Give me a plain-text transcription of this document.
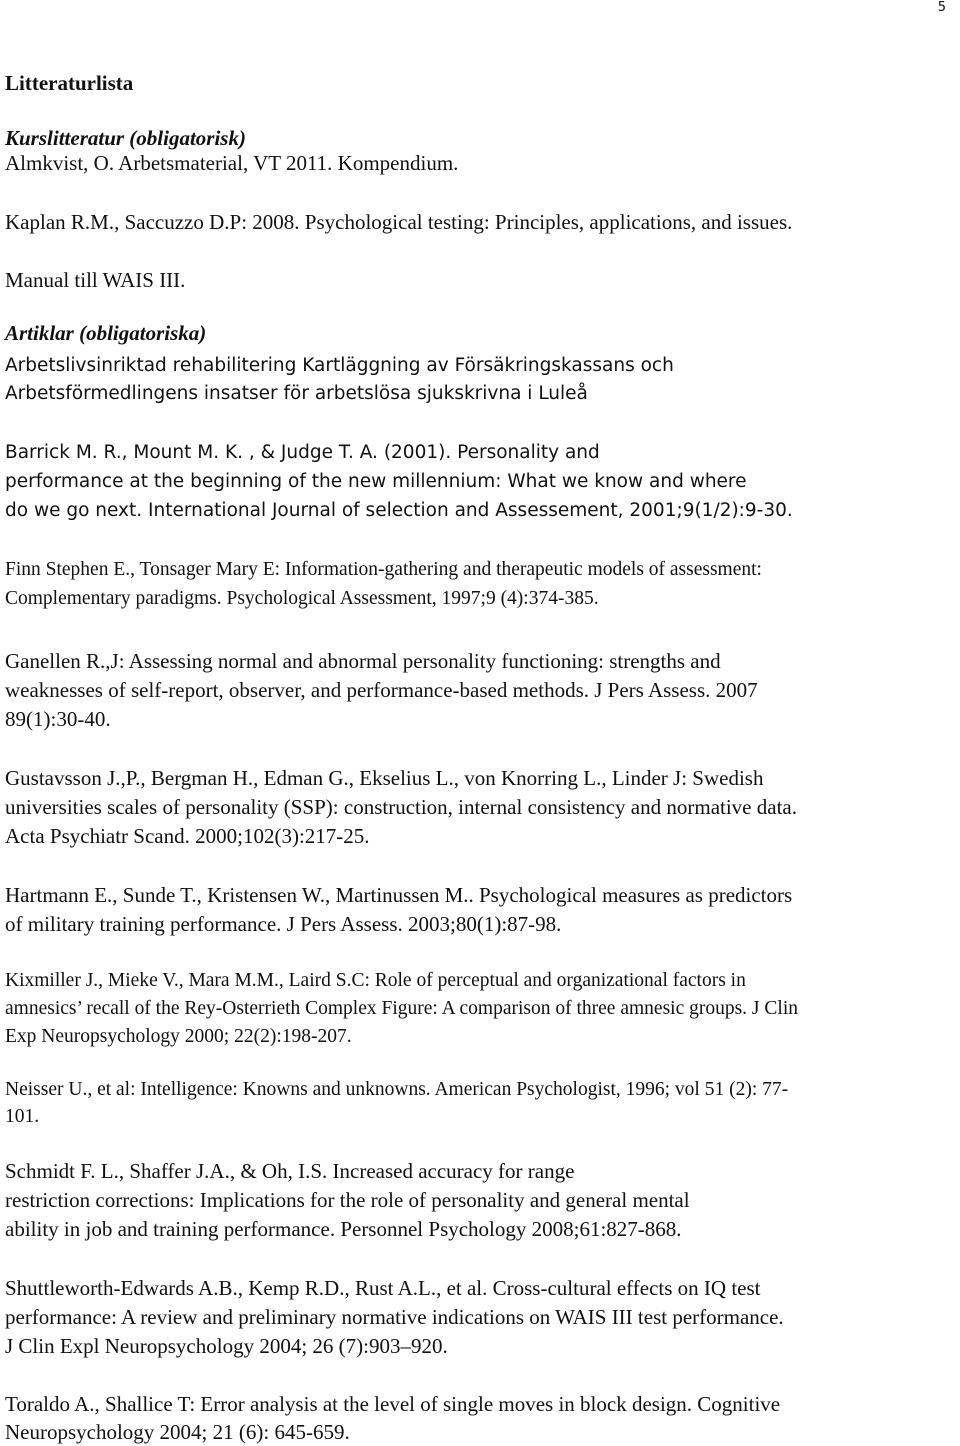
5
Litteraturlista
Kurslitteratur (obligatorisk)
Almkvist, O. Arbetsmaterial, VT 2011. Kompendium.
Kaplan R.M., Saccuzzo D.P: 2008. Psychological testing: Principles, applications, and issues.
Manual till WAIS III.
Artiklar (obligatoriska)
Arbetslivsinriktad rehabilitering Kartläggning av Försäkringskassans och
Arbetsförmedlingens insatser för arbetslösa sjukskrivna i Luleå
Barrick M. R., Mount M. K. , & Judge T. A. (2001). Personality and
performance at the beginning of the new millennium: What we know and where
do we go next. International Journal of selection and Assessement, 2001;9(1/2):9-30.
Finn Stephen E., Tonsager Mary E: Information-gathering and therapeutic models of assessment:
Complementary paradigms. Psychological Assessment, 1997;9 (4):374-385.
Ganellen R.,J: Assessing normal and abnormal personality functioning: strengths and
weaknesses of self-report, observer, and performance-based methods. J Pers Assess. 2007
89(1):30-40.
Gustavsson J.,P., Bergman H., Edman G., Ekselius L., von Knorring L., Linder J: Swedish
universities scales of personality (SSP): construction, internal consistency and normative data.
Acta Psychiatr Scand. 2000;102(3):217-25.
Hartmann E., Sunde T., Kristensen W., Martinussen M.. Psychological measures as predictors
of military training performance. J Pers Assess. 2003;80(1):87-98.
Kixmiller J., Mieke V., Mara M.M., Laird S.C: Role of perceptual and organizational factors in
amnesics’ recall of the Rey-Osterrieth Complex Figure: A comparison of three amnesic groups. J Clin
Exp Neuropsychology 2000; 22(2):198-207.
Neisser U., et al: Intelligence: Knowns and unknowns. American Psychologist, 1996; vol 51 (2): 77-
101.
Schmidt F. L., Shaffer J.A., & Oh, I.S. Increased accuracy for range
restriction corrections: Implications for the role of personality and general mental
ability in job and training performance. Personnel Psychology 2008;61:827-868.
Shuttleworth-Edwards A.B., Kemp R.D., Rust A.L., et al. Cross-cultural effects on IQ test
performance: A review and preliminary normative indications on WAIS III test performance.
J Clin Expl Neuropsychology 2004; 26 (7):903–920.
Toraldo A., Shallice T: Error analysis at the level of single moves in block design. Cognitive
Neuropsychology 2004; 21 (6): 645-659.
